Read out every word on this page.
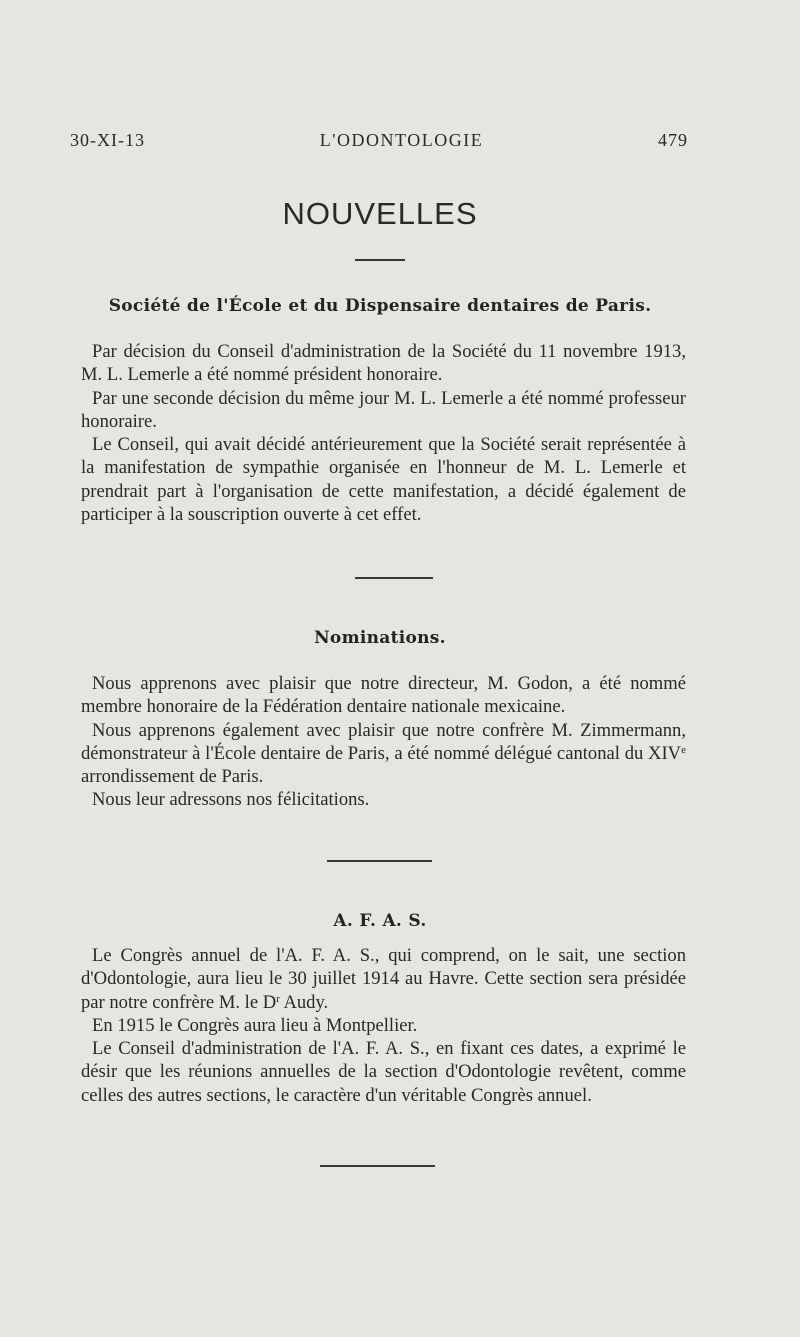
30-XI-13	L'ODONTOLOGIE	479
NOUVELLES
Société de l'École et du Dispensaire dentaires de Paris.

Par décision du Conseil d'administration de la Société du 11 novembre 1913, M. L. Lemerle a été nommé président honoraire.

Par une seconde décision du même jour M. L. Lemerle a été nommé professeur honoraire.

Le Conseil, qui avait décidé antérieurement que la Société serait représentée à la manifestation de sympathie organisée en l'honneur de M. L. Lemerle et prendrait part à l'organisation de cette manifestation, a décidé également de participer à la souscription ouverte à cet effet.

Nominations.

Nous apprenons avec plaisir que notre directeur, M. Godon, a été nommé membre honoraire de la Fédération dentaire nationale mexicaine.

Nous apprenons également avec plaisir que notre confrère M. Zimmermann, démonstrateur à l'École dentaire de Paris, a été nommé délégué cantonal du XIVe arrondissement de Paris.

Nous leur adressons nos félicitations.

A. F. A. S.

Le Congrès annuel de l'A. F. A. S., qui comprend, on le sait, une section d'Odontologie, aura lieu le 30 juillet 1914 au Havre. Cette section sera présidée par notre confrère M. le $D^r$ Audy.

En 1915 le Congrès aura lieu à Montpellier.

Le Conseil d'administration de l'A. F. A. S., en fixant ces dates, a exprimé le désir que les réunions annuelles de la section d'Odontologie revêtent, comme celles des autres sections, le caractère d'un véritable Congrès annuel.
